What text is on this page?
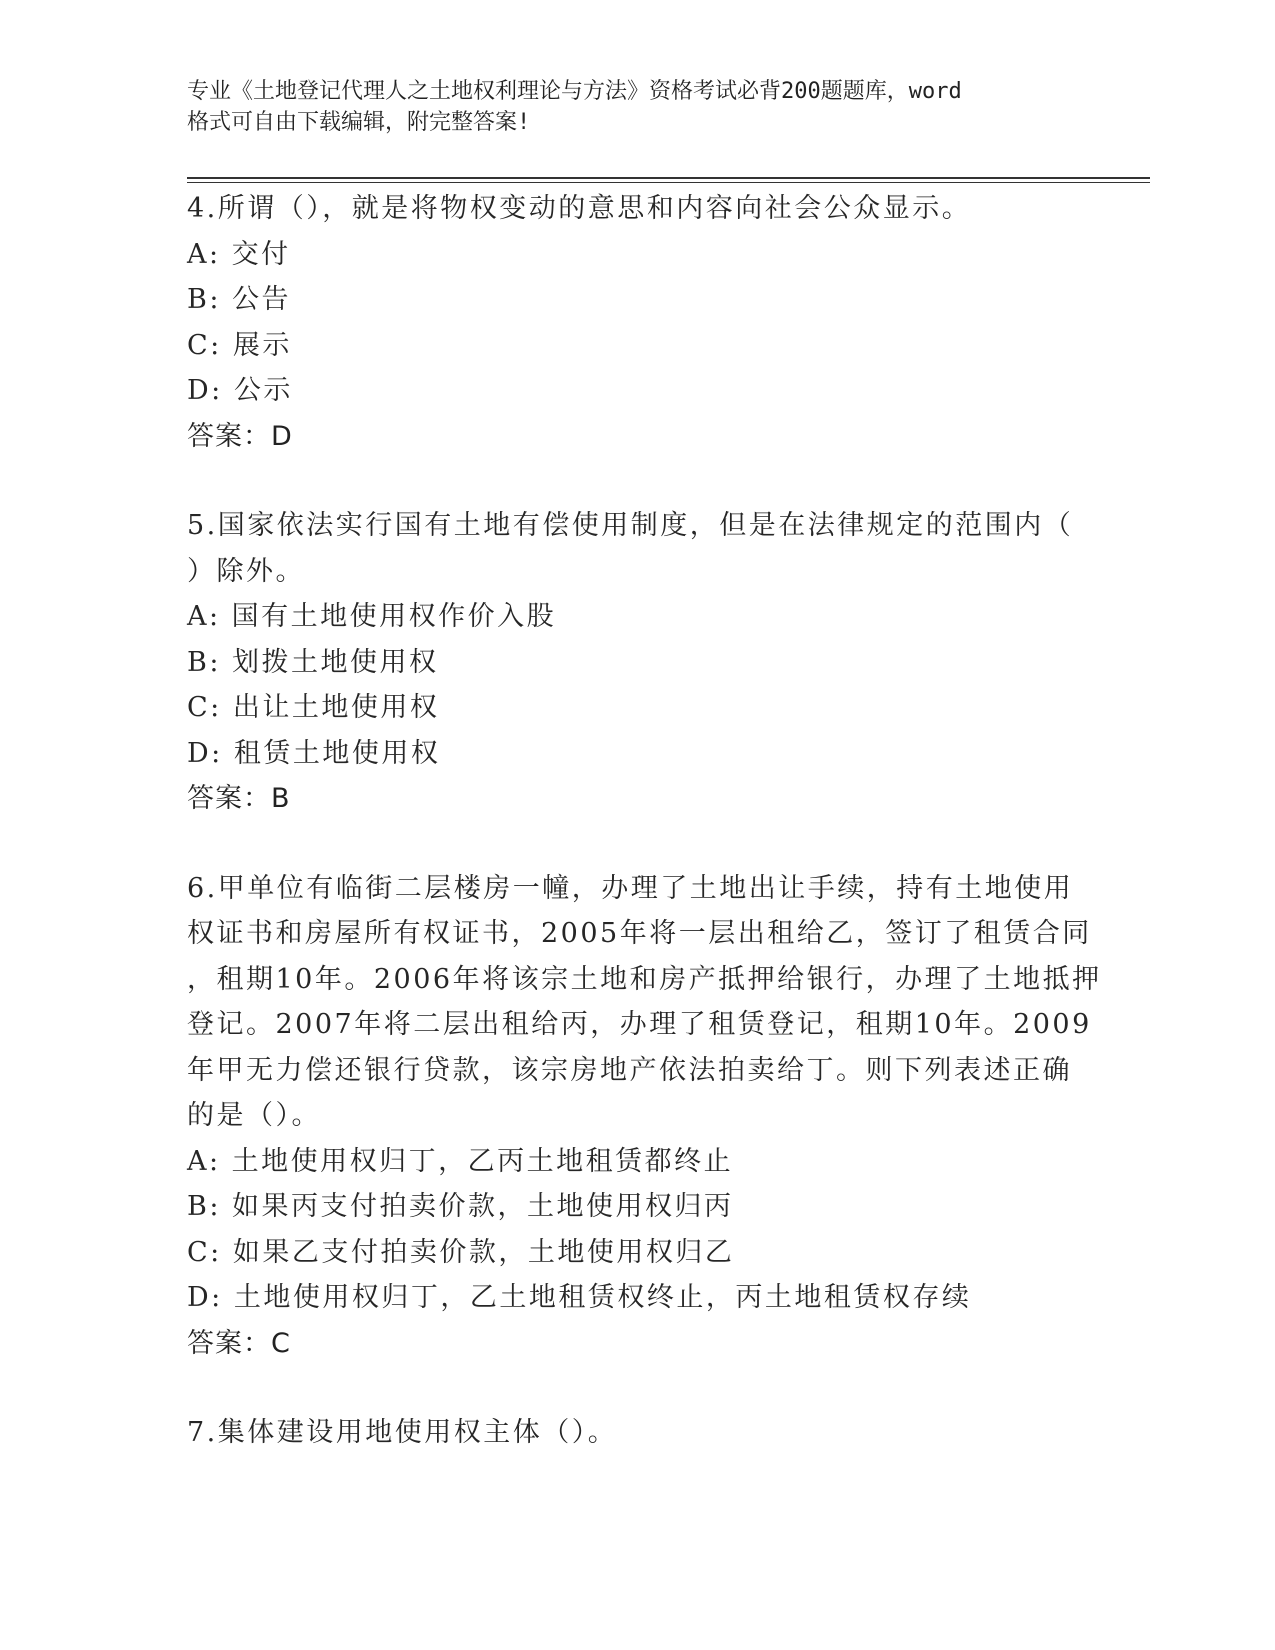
专业《土地登记代理人之土地权利理论与方法》资格考试必背200题题库，word
格式可自由下载编辑，附完整答案!
4.所谓（），就是将物权变动的意思和内容向社会公众显示。
A: 交付
B: 公告
C: 展示
D: 公示
答案：D
5.国家依法实行国有土地有偿使用制度，但是在法律规定的范围内（
）除外。
A: 国有土地使用权作价入股
B: 划拨土地使用权
C: 出让土地使用权
D: 租赁土地使用权
答案：B
6.甲单位有临街二层楼房一幢，办理了土地出让手续，持有土地使用
权证书和房屋所有权证书，2005年将一层出租给乙，签订了租赁合同
，租期10年。2006年将该宗土地和房产抵押给银行，办理了土地抵押
登记。2007年将二层出租给丙，办理了租赁登记，租期10年。2009
年甲无力偿还银行贷款，该宗房地产依法拍卖给丁。则下列表述正确
的是（）。
A: 土地使用权归丁，乙丙土地租赁都终止
B: 如果丙支付拍卖价款，土地使用权归丙
C: 如果乙支付拍卖价款，土地使用权归乙
D: 土地使用权归丁，乙土地租赁权终止，丙土地租赁权存续
答案：C
7.集体建设用地使用权主体（）。
